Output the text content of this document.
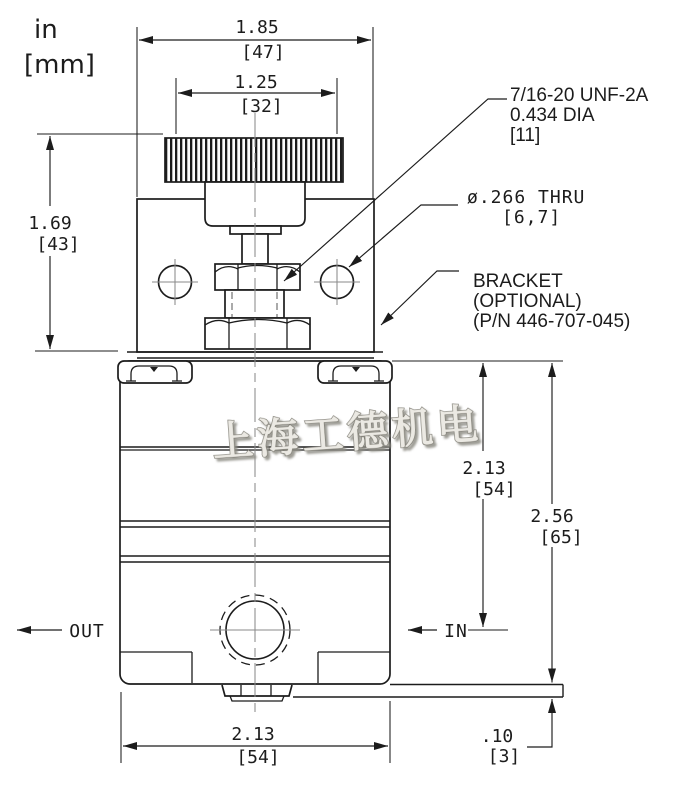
上海工德机电
in
[mm]
1.85
[47]
1.25
[32]
1.69
[43]
2.13
[54]
2.56
[65]
.10
[3]
2.13
[54]
OUT	IN
7/16-20 UNF-2A
0.434 DIA
[11]
ø.266 THRU
[6,7]
BRACKET
(OPTIONAL)
(P/N 446-707-045)
